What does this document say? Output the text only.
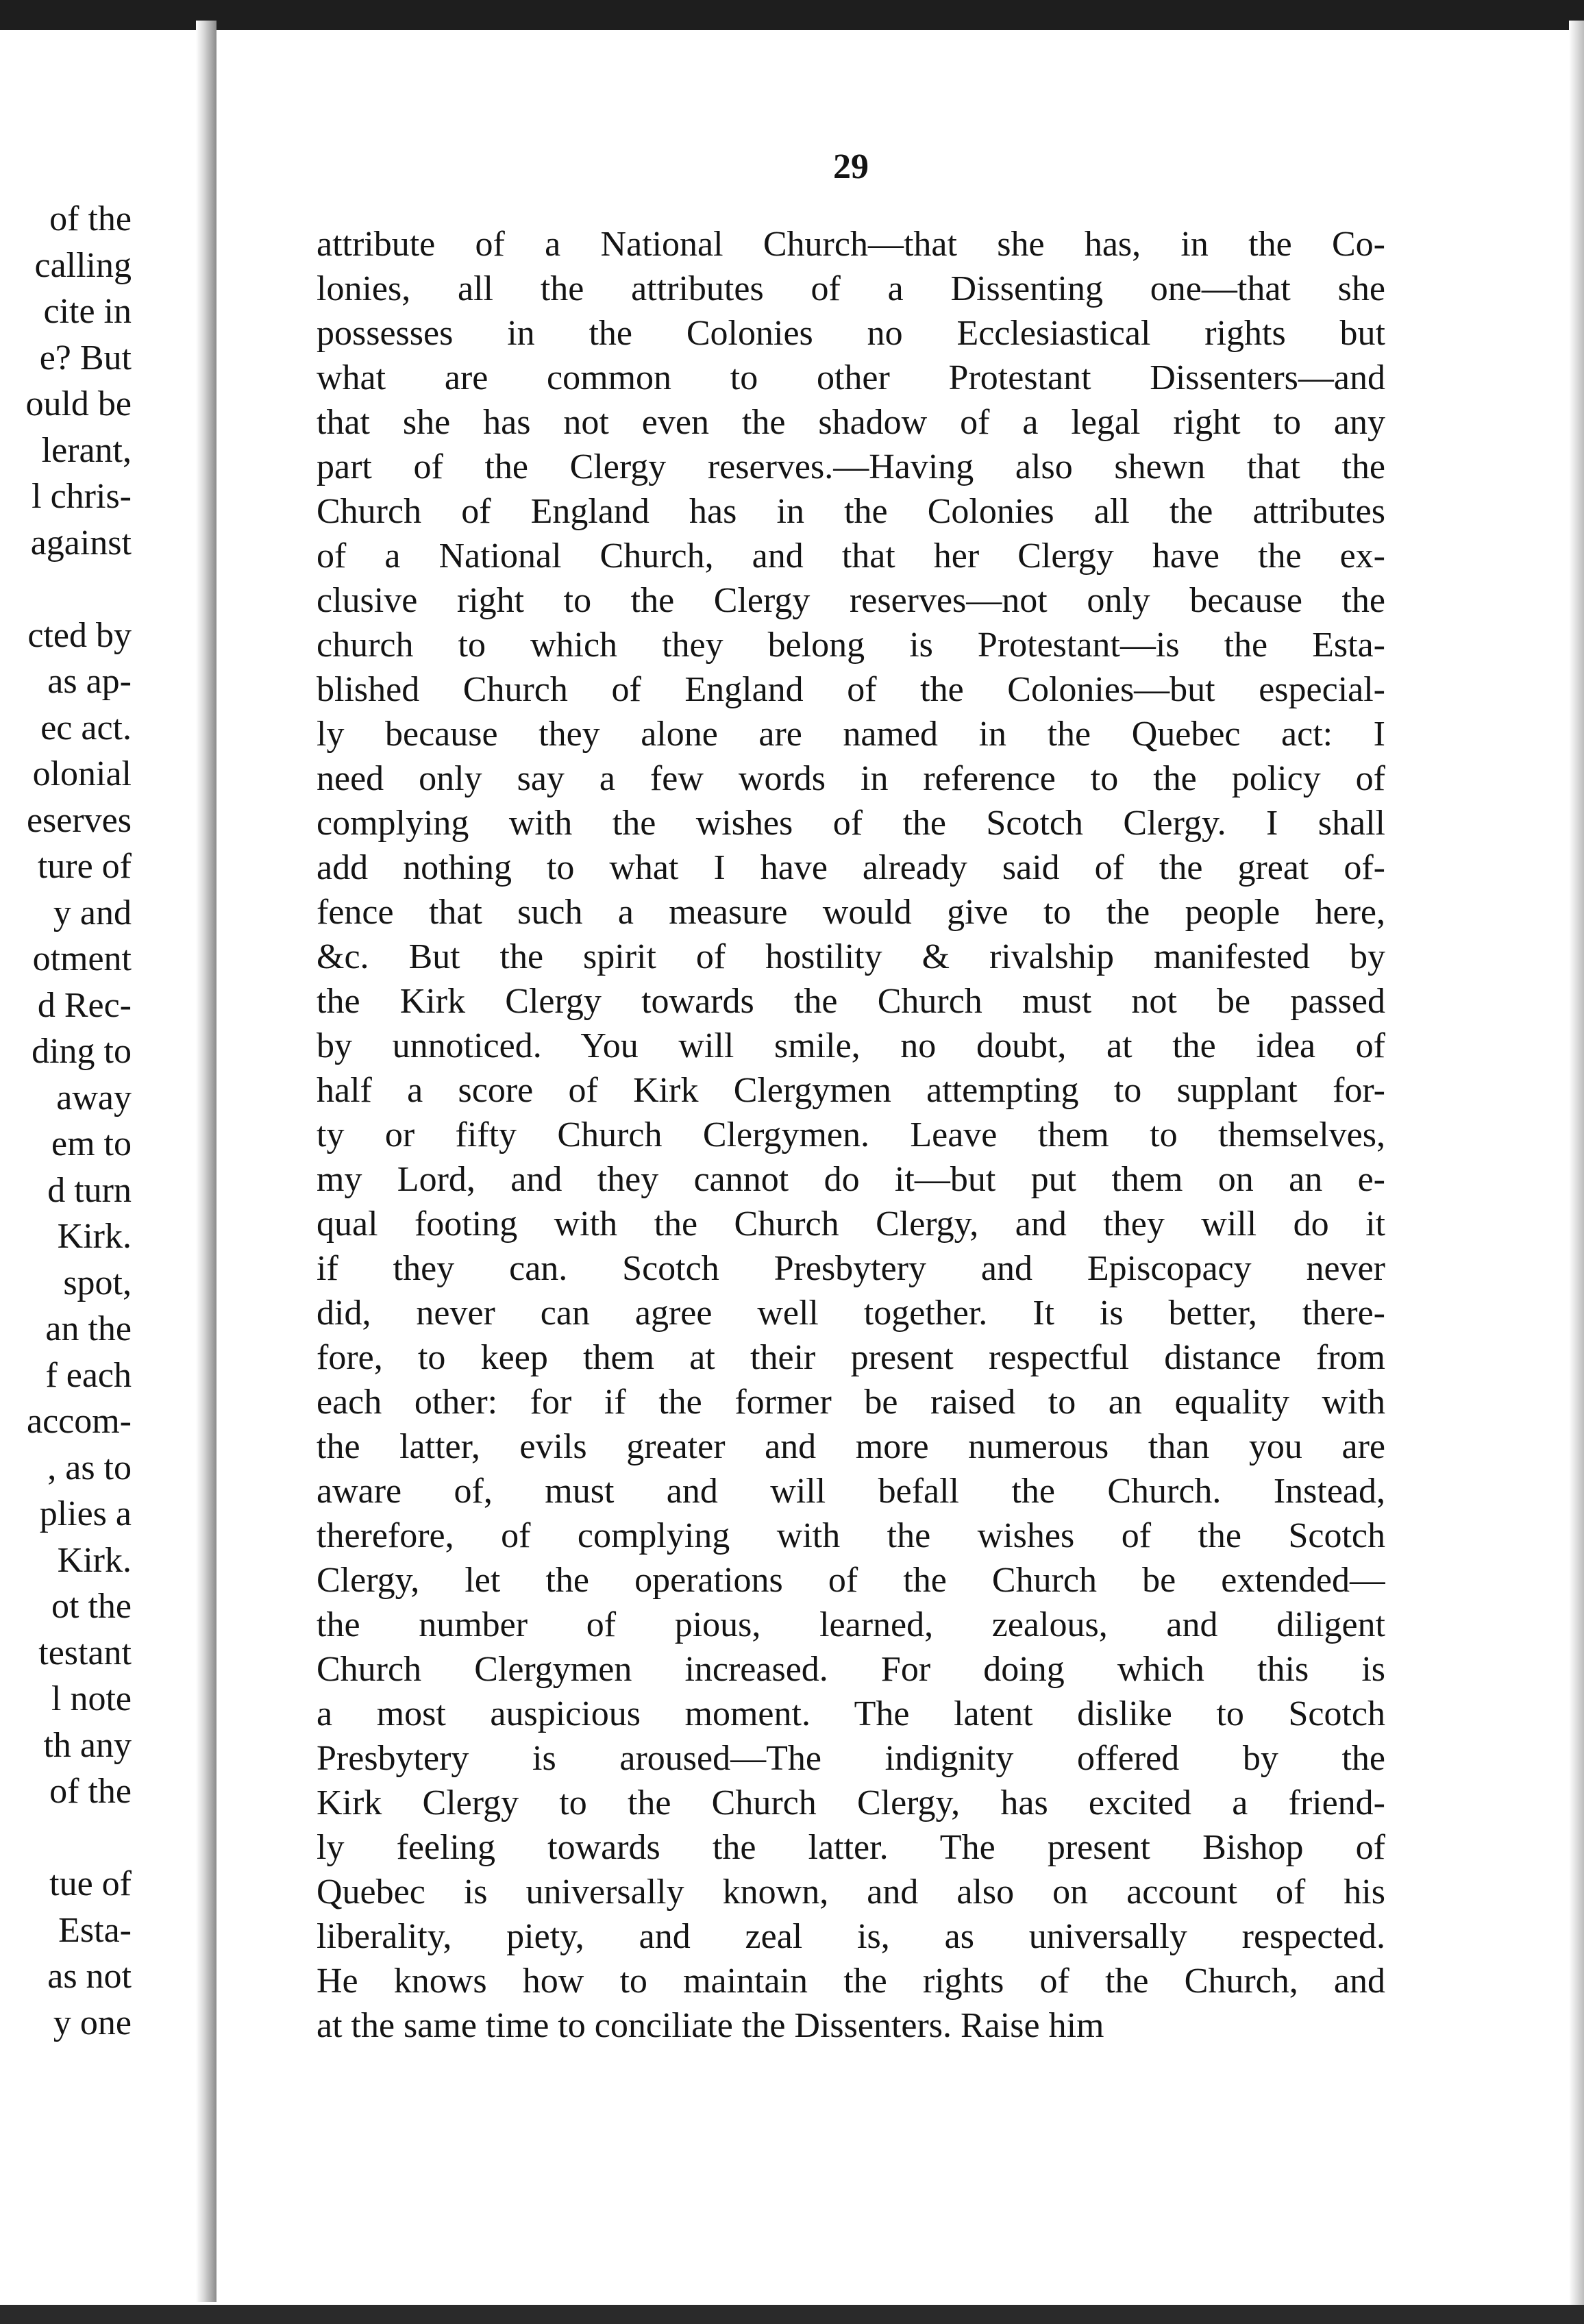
of the
calling
cite in
e? But
ould be
lerant,
l chris-
against
cted by
as ap-
ec act.
olonial
eserves
ture of
y and
otment
d Rec-
ding to
away
em to
d turn
Kirk.
spot,
an the
f each
accom-
, as to
plies a
Kirk.
ot the
testant
l note
th any
of the
tue of
Esta-
as not
y one
29
attribute of a National Church—that she has, in the Co-
lonies, all the attributes of a Dissenting one—that she
possesses in the Colonies no Ecclesiastical rights but
what are common to other Protestant Dissenters—and
that she has not even the shadow of a legal right to any
part of the Clergy reserves.—Having also shewn that the
Church of England has in the Colonies all the attributes
of a National Church, and that her Clergy have the ex-
clusive right to the Clergy reserves—not only because the
church to which they belong is Protestant—is the Esta-
blished Church of England of the Colonies—but especial-
ly because they alone are named in the Quebec act: I
need only say a few words in reference to the policy of
complying with the wishes of the Scotch Clergy. I shall
add nothing to what I have already said of the great of-
fence that such a measure would give to the people here,
&c. But the spirit of hostility & rivalship manifested by
the Kirk Clergy towards the Church must not be passed
by unnoticed. You will smile, no doubt, at the idea of
half a score of Kirk Clergymen attempting to supplant for-
ty or fifty Church Clergymen. Leave them to themselves,
my Lord, and they cannot do it—but put them on an e-
qual footing with the Church Clergy, and they will do it
if they can. Scotch Presbytery and Episcopacy never
did, never can agree well together. It is better, there-
fore, to keep them at their present respectful distance from
each other: for if the former be raised to an equality with
the latter, evils greater and more numerous than you are
aware of, must and will befall the Church. Instead,
therefore, of complying with the wishes of the Scotch
Clergy, let the operations of the Church be extended—
the number of pious, learned, zealous, and diligent
Church Clergymen increased. For doing which this is
a most auspicious moment. The latent dislike to Scotch
Presbytery is aroused—The indignity offered by the
Kirk Clergy to the Church Clergy, has excited a friend-
ly feeling towards the latter. The present Bishop of
Quebec is universally known, and also on account of his
liberality, piety, and zeal is, as universally respected.
He knows how to maintain the rights of the Church, and
at the same time to conciliate the Dissenters. Raise him
